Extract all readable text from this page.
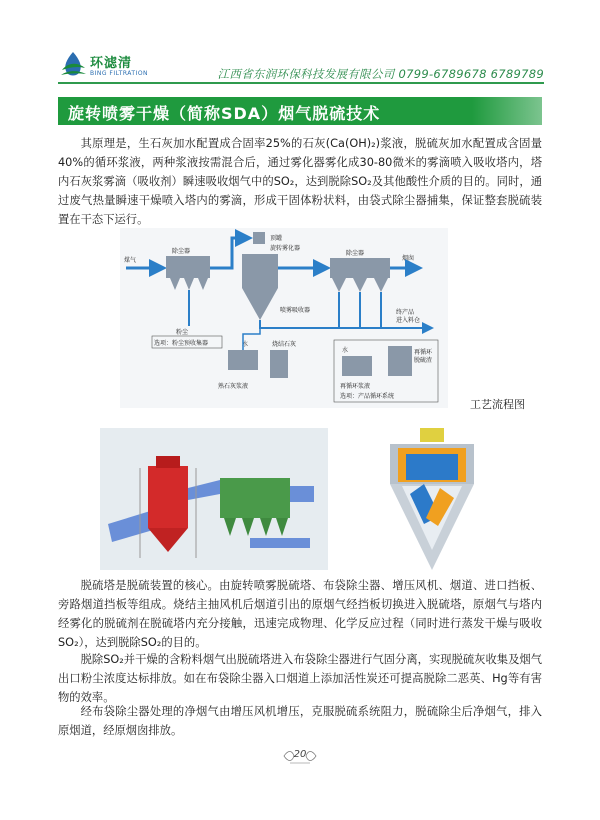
环滤清
BING FILTRATION	江西省东润环保科技发展有限公司 0799-6789678 6789789
旋转喷雾干燥（简称SDA）烟气脱硫技术

其原理是，生石灰加水配置成合固率25%的石灰(Ca(OH)₂)浆液，脱硫灰加水配置成含固量40%的循环浆液，两种浆液按需混合后，通过雾化器雾化成30-80微米的雾滴喷入吸收塔内，塔内石灰浆雾滴（吸收剂）瞬速吸收烟气中的SO₂，达到脱除SO₂及其他酸性介质的目的。同时，通过废气热量瞬速干燥喷入塔内的雾滴，形成干固体粉状料，由袋式除尘器捕集，保证整套脱硫装置在干态下运行。

煤气
除尘器
粉尘
选项：粉尘预收集器
顶罐
旋转雾化器
喷雾吸收器
除尘器
烟囱
终产品
进入料仓
水	烧结石灰
熟石灰浆液
水	再循环
脱硫渣
再循环浆液
选项：产品循环系统
工艺流程图

脱硫塔是脱硫装置的核心。由旋转喷雾脱硫塔、布袋除尘器、增压风机、烟道、进口挡板、旁路烟道挡板等组成。烧结主抽风机后烟道引出的原烟气经挡板切换进入脱硫塔，原烟气与塔内经雾化的脱硫剂在脱硫塔内充分接触，迅速完成物理、化学反应过程（同时进行蒸发干燥与吸收SO₂），达到脱除SO₂的目的。

脱除SO₂并干燥的含粉料烟气出脱硫塔进入布袋除尘器进行气固分离，实现脱硫灰收集及烟气出口粉尘浓度达标排放。如在布袋除尘器入口烟道上添加活性炭还可提高脱除二恶英、Hg等有害物的效率。

经布袋除尘器处理的净烟气由增压风机增压，克服脱硫系统阻力，脱硫除尘后净烟气，排入原烟道，经原烟囱排放。

20
